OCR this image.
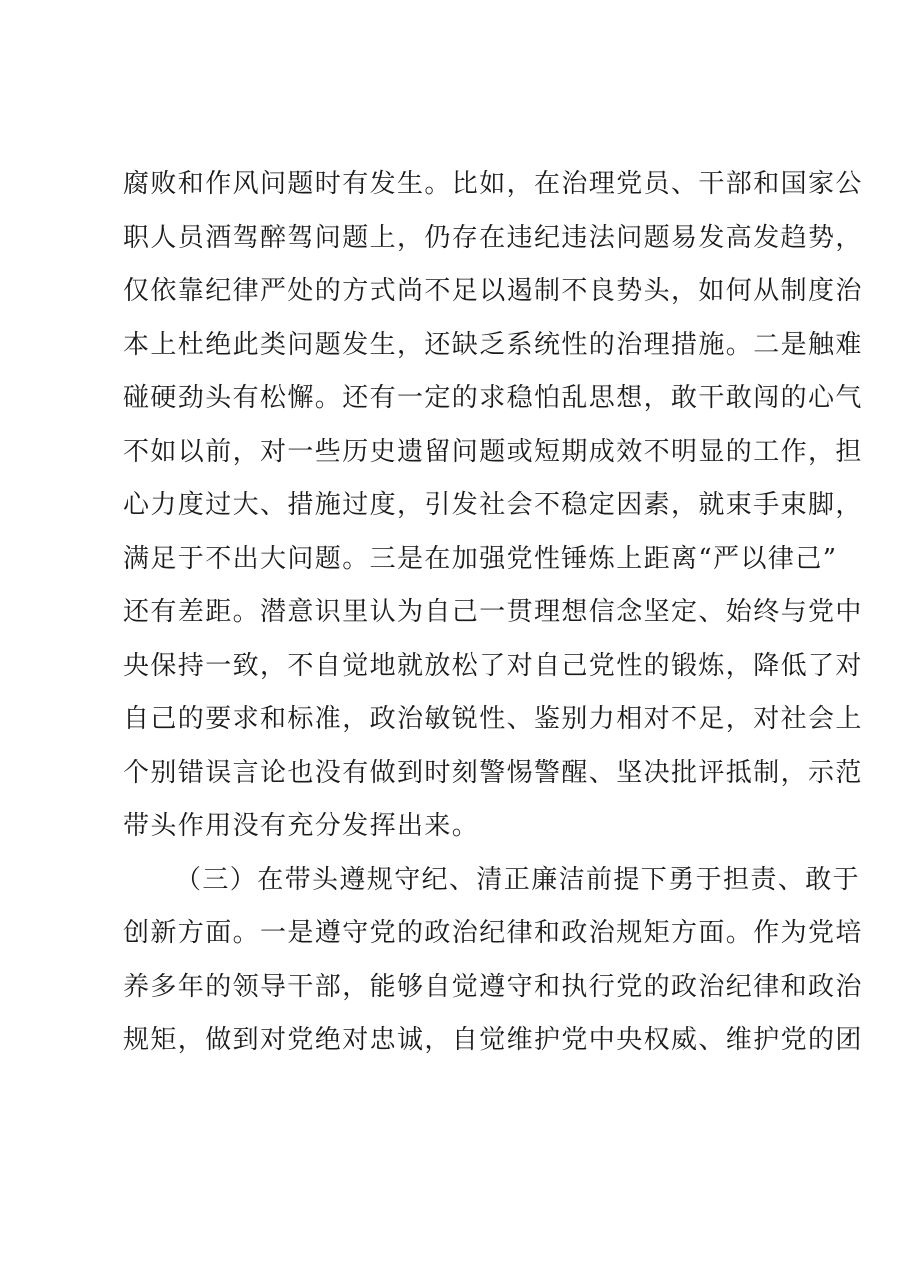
腐败和作风问题时有发生。比如，在治理党员、干部和国家公
职人员酒驾醉驾问题上，仍存在违纪违法问题易发高发趋势，
仅依靠纪律严处的方式尚不足以遏制不良势头，如何从制度治
本上杜绝此类问题发生，还缺乏系统性的治理措施。二是触难
碰硬劲头有松懈。还有一定的求稳怕乱思想，敢干敢闯的心气
不如以前，对一些历史遗留问题或短期成效不明显的工作，担
心力度过大、措施过度，引发社会不稳定因素，就束手束脚，
满足于不出大问题。三是在加强党性锤炼上距离“严以律己”
还有差距。潜意识里认为自己一贯理想信念坚定、始终与党中
央保持一致，不自觉地就放松了对自己党性的锻炼，降低了对
自己的要求和标准，政治敏锐性、鉴别力相对不足，对社会上
个别错误言论也没有做到时刻警惕警醒、坚决批评抵制，示范
带头作用没有充分发挥出来。
（三）在带头遵规守纪、清正廉洁前提下勇于担责、敢于
创新方面。一是遵守党的政治纪律和政治规矩方面。作为党培
养多年的领导干部，能够自觉遵守和执行党的政治纪律和政治
规矩，做到对党绝对忠诚，自觉维护党中央权威、维护党的团
